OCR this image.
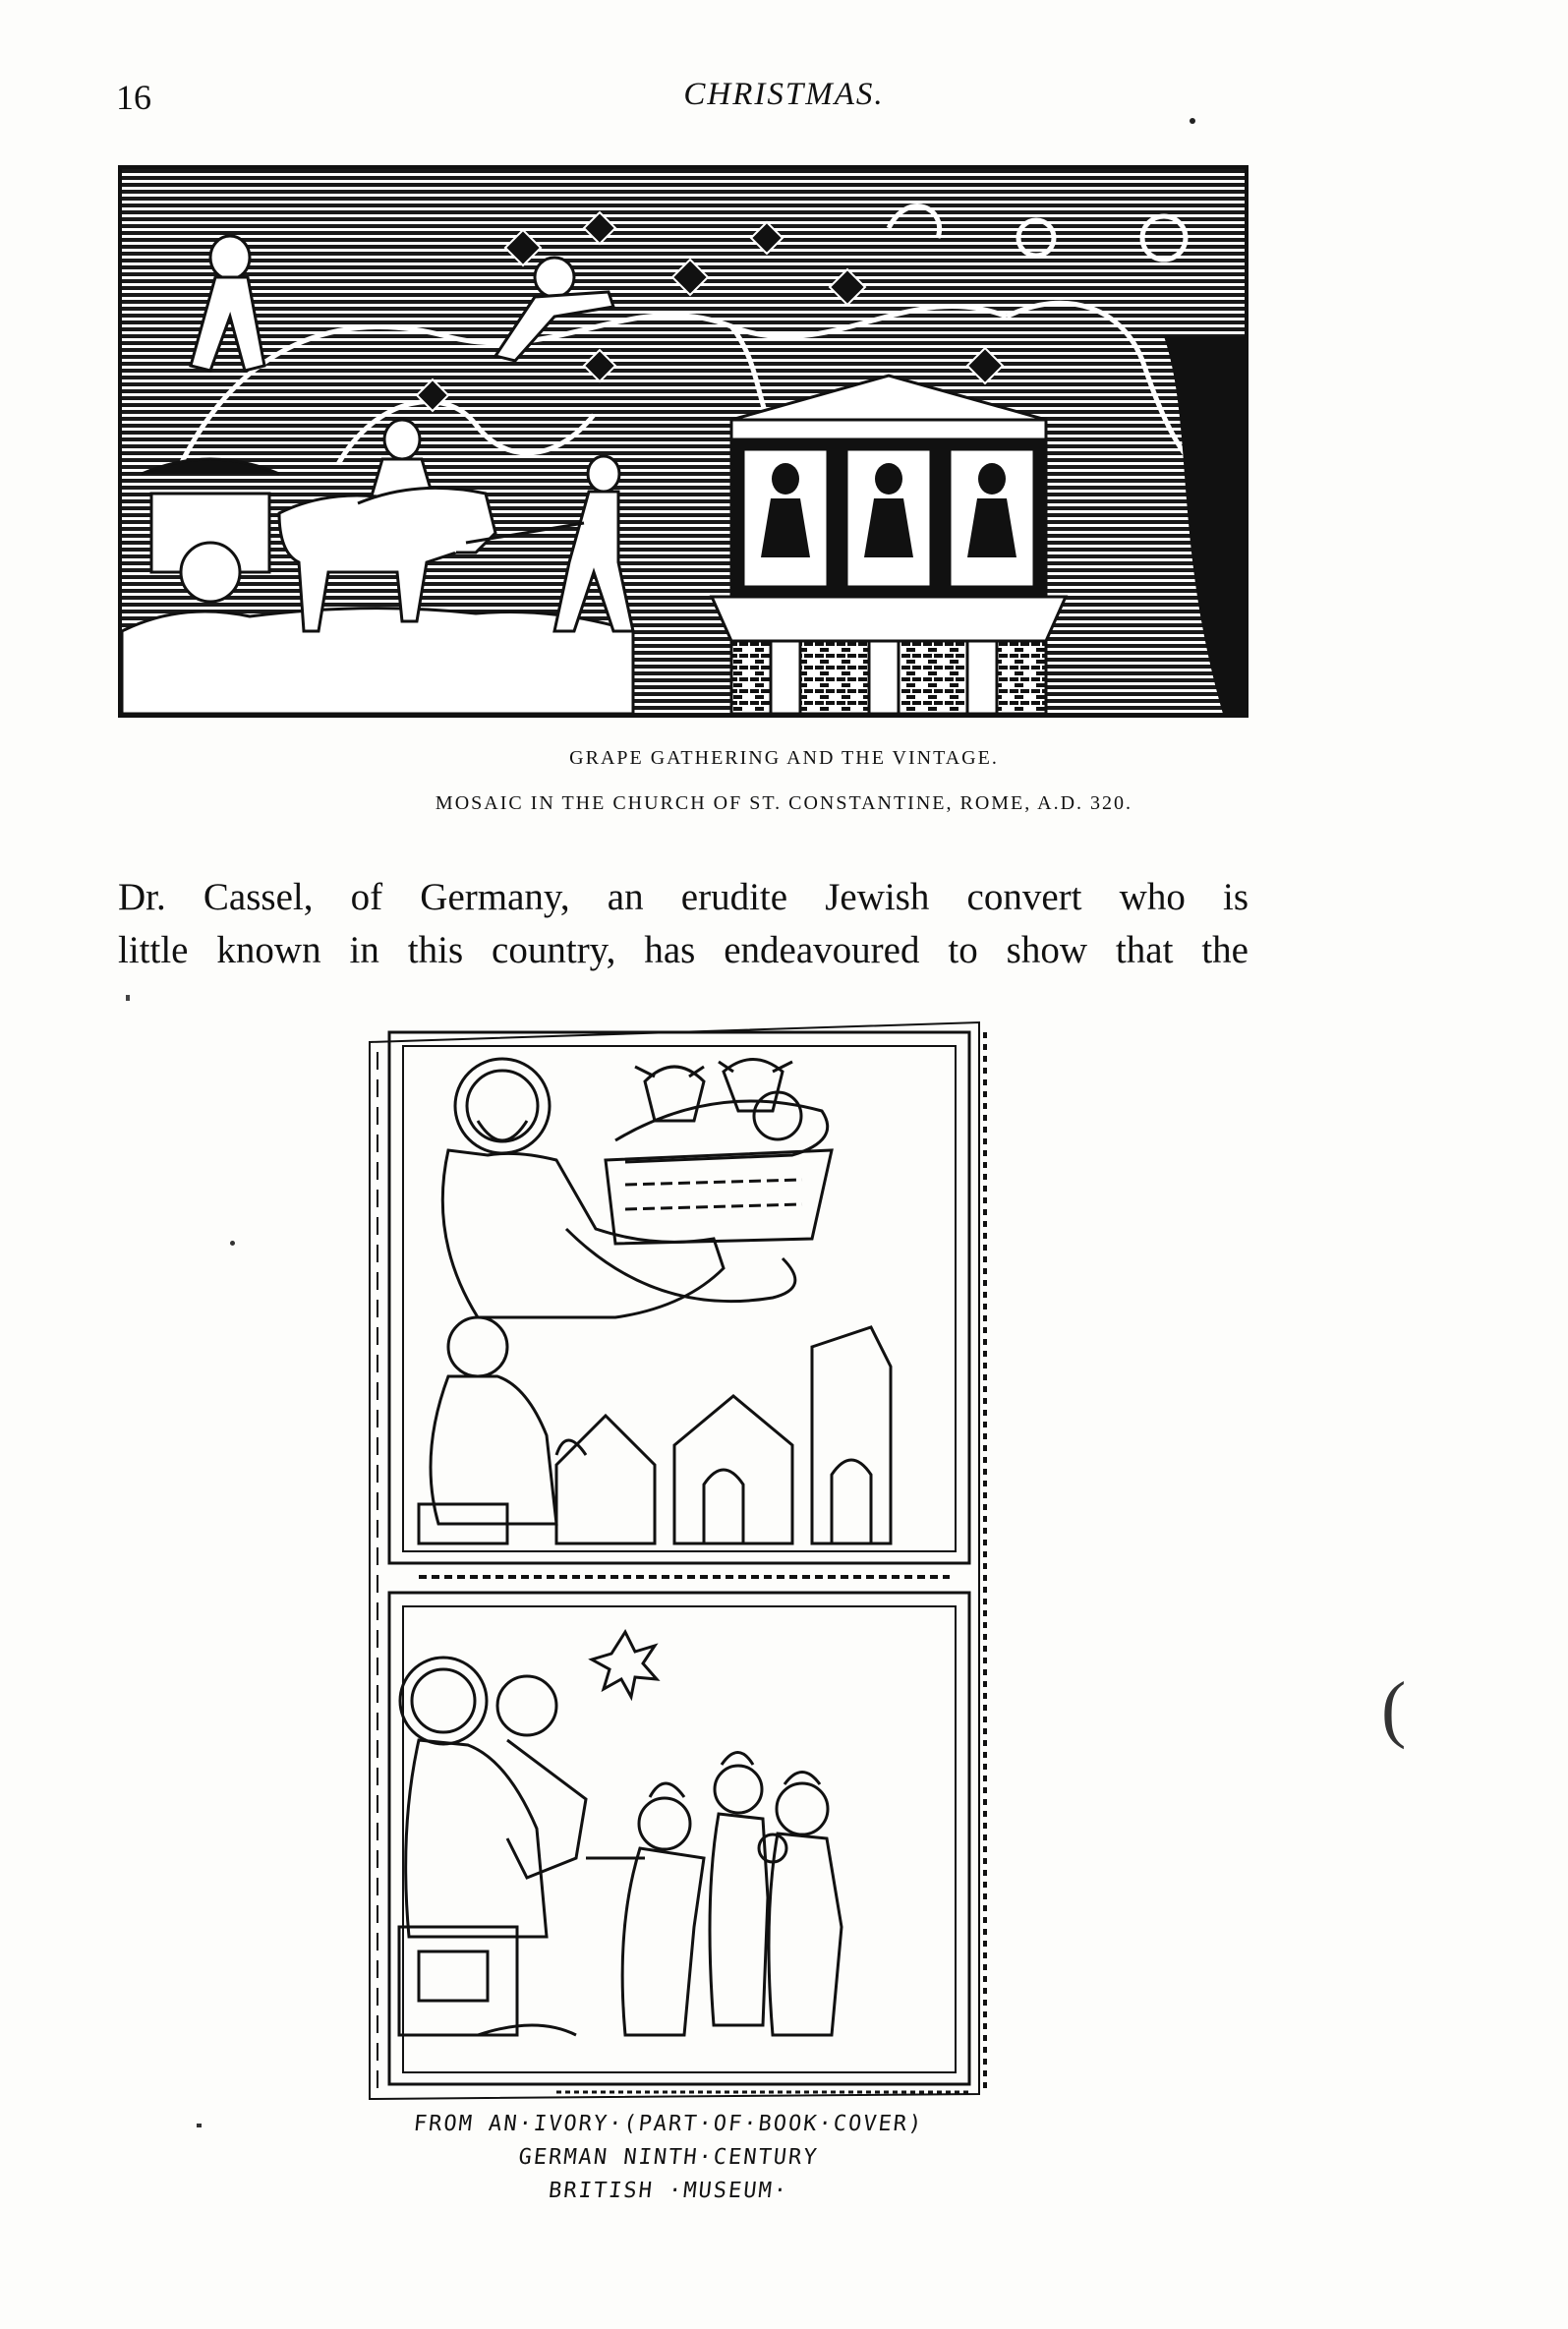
16	CHRISTMAS.
GRAPE GATHERING AND THE VINTAGE.
MOSAIC IN THE CHURCH OF ST. CONSTANTINE, ROME, A.D. 320.
Dr. Cassel, of Germany, an erudite Jewish convert who is
little known in this country, has endeavoured to show that the
FROM AN·IVORY·(PART·OF·BOOK·COVER)
GERMAN NINTH·CENTURY
BRITISH ·MUSEUM·
(
